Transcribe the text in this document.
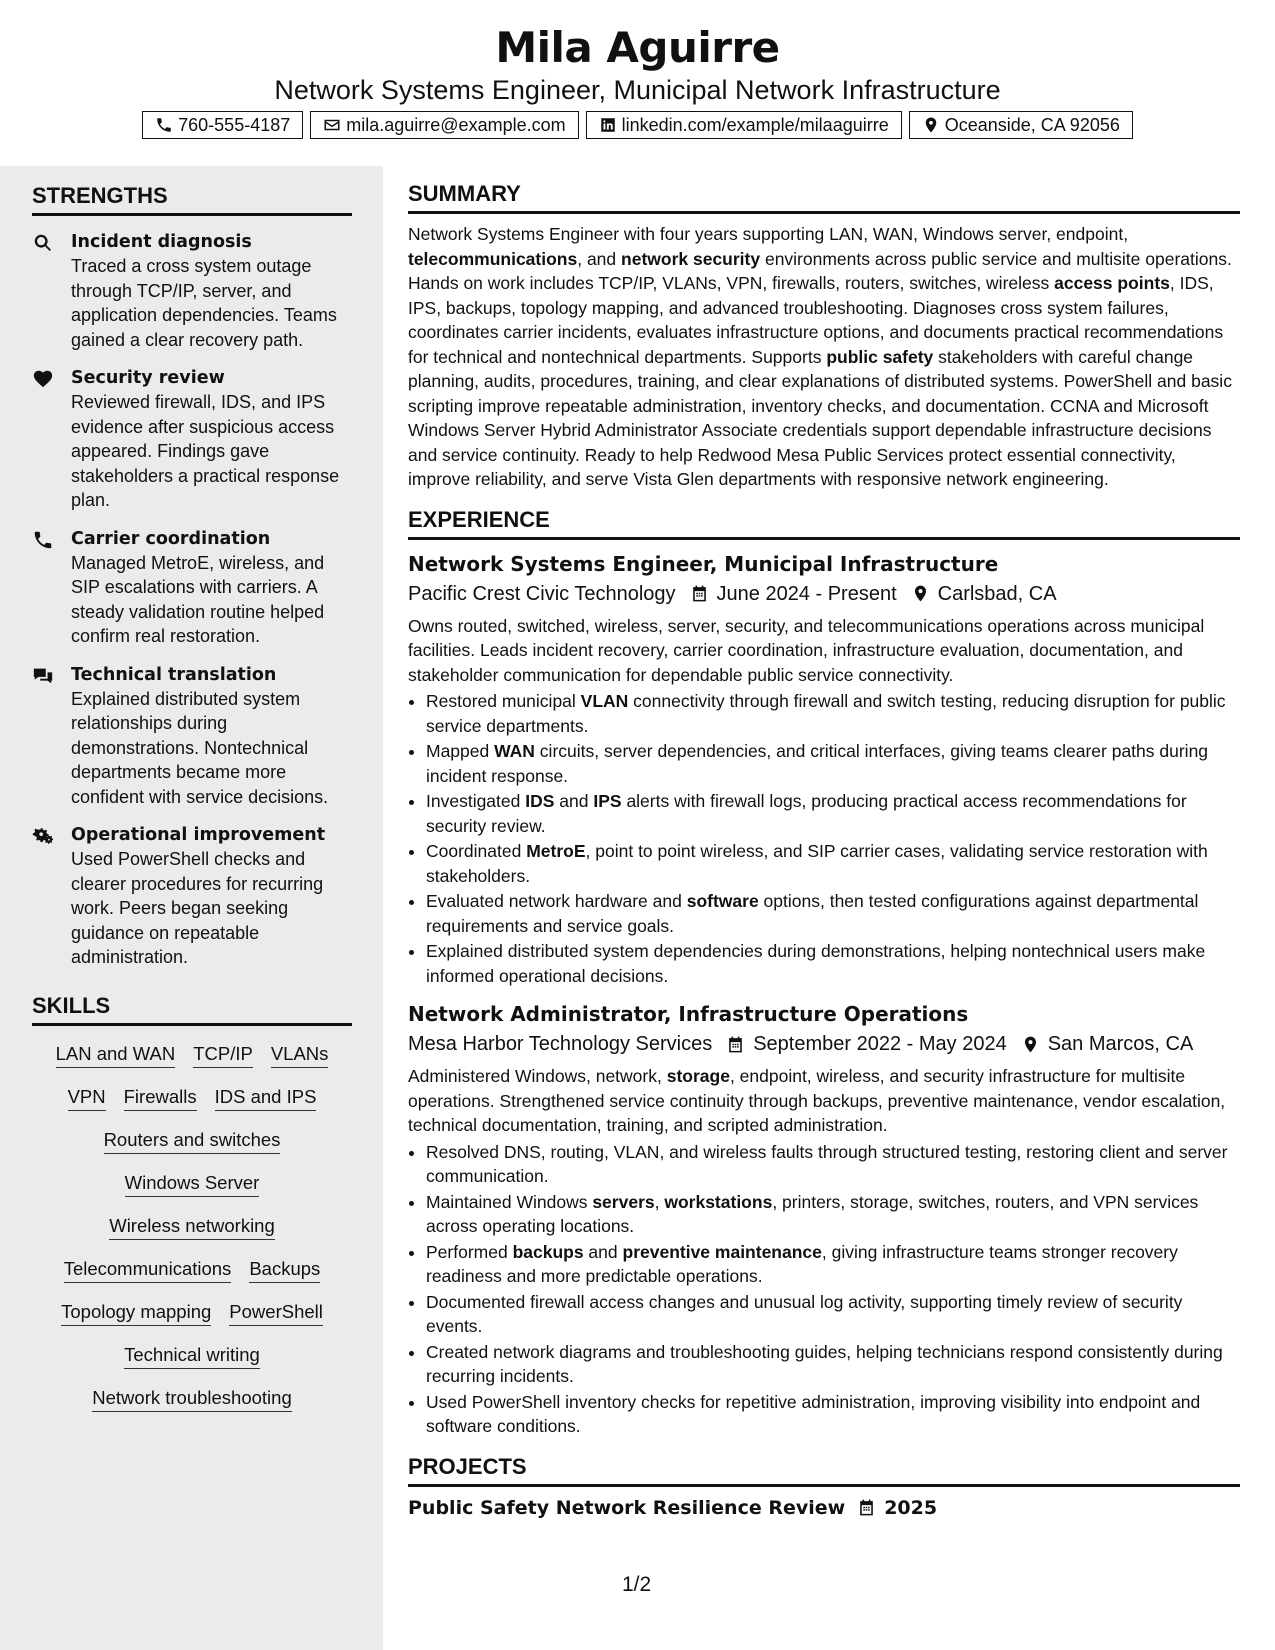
Mila Aguirre

Network Systems Engineer, Municipal Network Infrastructure

760-555-4187	mila.aguirre@example.com	linkedin.com/example/milaaguirre	Oceanside, CA 92056
STRENGTHS
Incident diagnosis
Traced a cross system outage through TCP/IP, server, and application dependencies. Teams gained a clear recovery path.
Security review
Reviewed firewall, IDS, and IPS evidence after suspicious access appeared. Findings gave stakeholders a practical response plan.
Carrier coordination
Managed MetroE, wireless, and SIP escalations with carriers. A steady validation routine helped confirm real restoration.
Technical translation
Explained distributed system relationships during demonstrations. Nontechnical departments became more confident with service decisions.
Operational improvement
Used PowerShell checks and clearer procedures for recurring work. Peers began seeking guidance on repeatable administration.
SKILLS
LAN and WAN TCP/IP VLANs
VPN Firewalls IDS and IPS
Routers and switches
Windows Server
Wireless networking
Telecommunications Backups
Topology mapping PowerShell
Technical writing
Network troubleshooting
SUMMARY

Network Systems Engineer with four years supporting LAN, WAN, Windows server, endpoint, telecommunications, and network security environments across public service and multisite operations. Hands on work includes TCP/IP, VLANs, VPN, firewalls, routers, switches, wireless access points, IDS, IPS, backups, topology mapping, and advanced troubleshooting. Diagnoses cross system failures, coordinates carrier incidents, evaluates infrastructure options, and documents practical recommendations for technical and nontechnical departments. Supports public safety stakeholders with careful change planning, audits, procedures, training, and clear explanations of distributed systems. PowerShell and basic scripting improve repeatable administration, inventory checks, and documentation. CCNA and Microsoft Windows Server Hybrid Administrator Associate credentials support dependable infrastructure decisions and service continuity. Ready to help Redwood Mesa Public Services protect essential connectivity, improve reliability, and serve Vista Glen departments with responsive network engineering.

EXPERIENCE
Network Systems Engineer, Municipal Infrastructure
Pacific Crest Civic Technology June 2024 - Present Carlsbad, CA
Owns routed, switched, wireless, server, security, and telecommunications operations across municipal facilities. Leads incident recovery, carrier coordination, infrastructure evaluation, documentation, and stakeholder communication for dependable public service connectivity.
• Restored municipal VLAN connectivity through firewall and switch testing, reducing disruption for public service departments.
• Mapped WAN circuits, server dependencies, and critical interfaces, giving teams clearer paths during incident response.
• Investigated IDS and IPS alerts with firewall logs, producing practical access recommendations for security review.
• Coordinated MetroE, point to point wireless, and SIP carrier cases, validating service restoration with stakeholders.
• Evaluated network hardware and software options, then tested configurations against departmental requirements and service goals.
• Explained distributed system dependencies during demonstrations, helping nontechnical users make informed operational decisions.
Network Administrator, Infrastructure Operations
Mesa Harbor Technology Services September 2022 - May 2024 San Marcos, CA
Administered Windows, network, storage, endpoint, wireless, and security infrastructure for multisite operations. Strengthened service continuity through backups, preventive maintenance, vendor escalation, technical documentation, training, and scripted administration.
• Resolved DNS, routing, VLAN, and wireless faults through structured testing, restoring client and server communication.
• Maintained Windows servers, workstations, printers, storage, switches, routers, and VPN services across operating locations.
• Performed backups and preventive maintenance, giving infrastructure teams stronger recovery readiness and more predictable operations.
• Documented firewall access changes and unusual log activity, supporting timely review of security events.
• Created network diagrams and troubleshooting guides, helping technicians respond consistently during recurring incidents.
• Used PowerShell inventory checks for repetitive administration, improving visibility into endpoint and software conditions.
PROJECTS
Public Safety Network Resilience Review 2025
1/2
